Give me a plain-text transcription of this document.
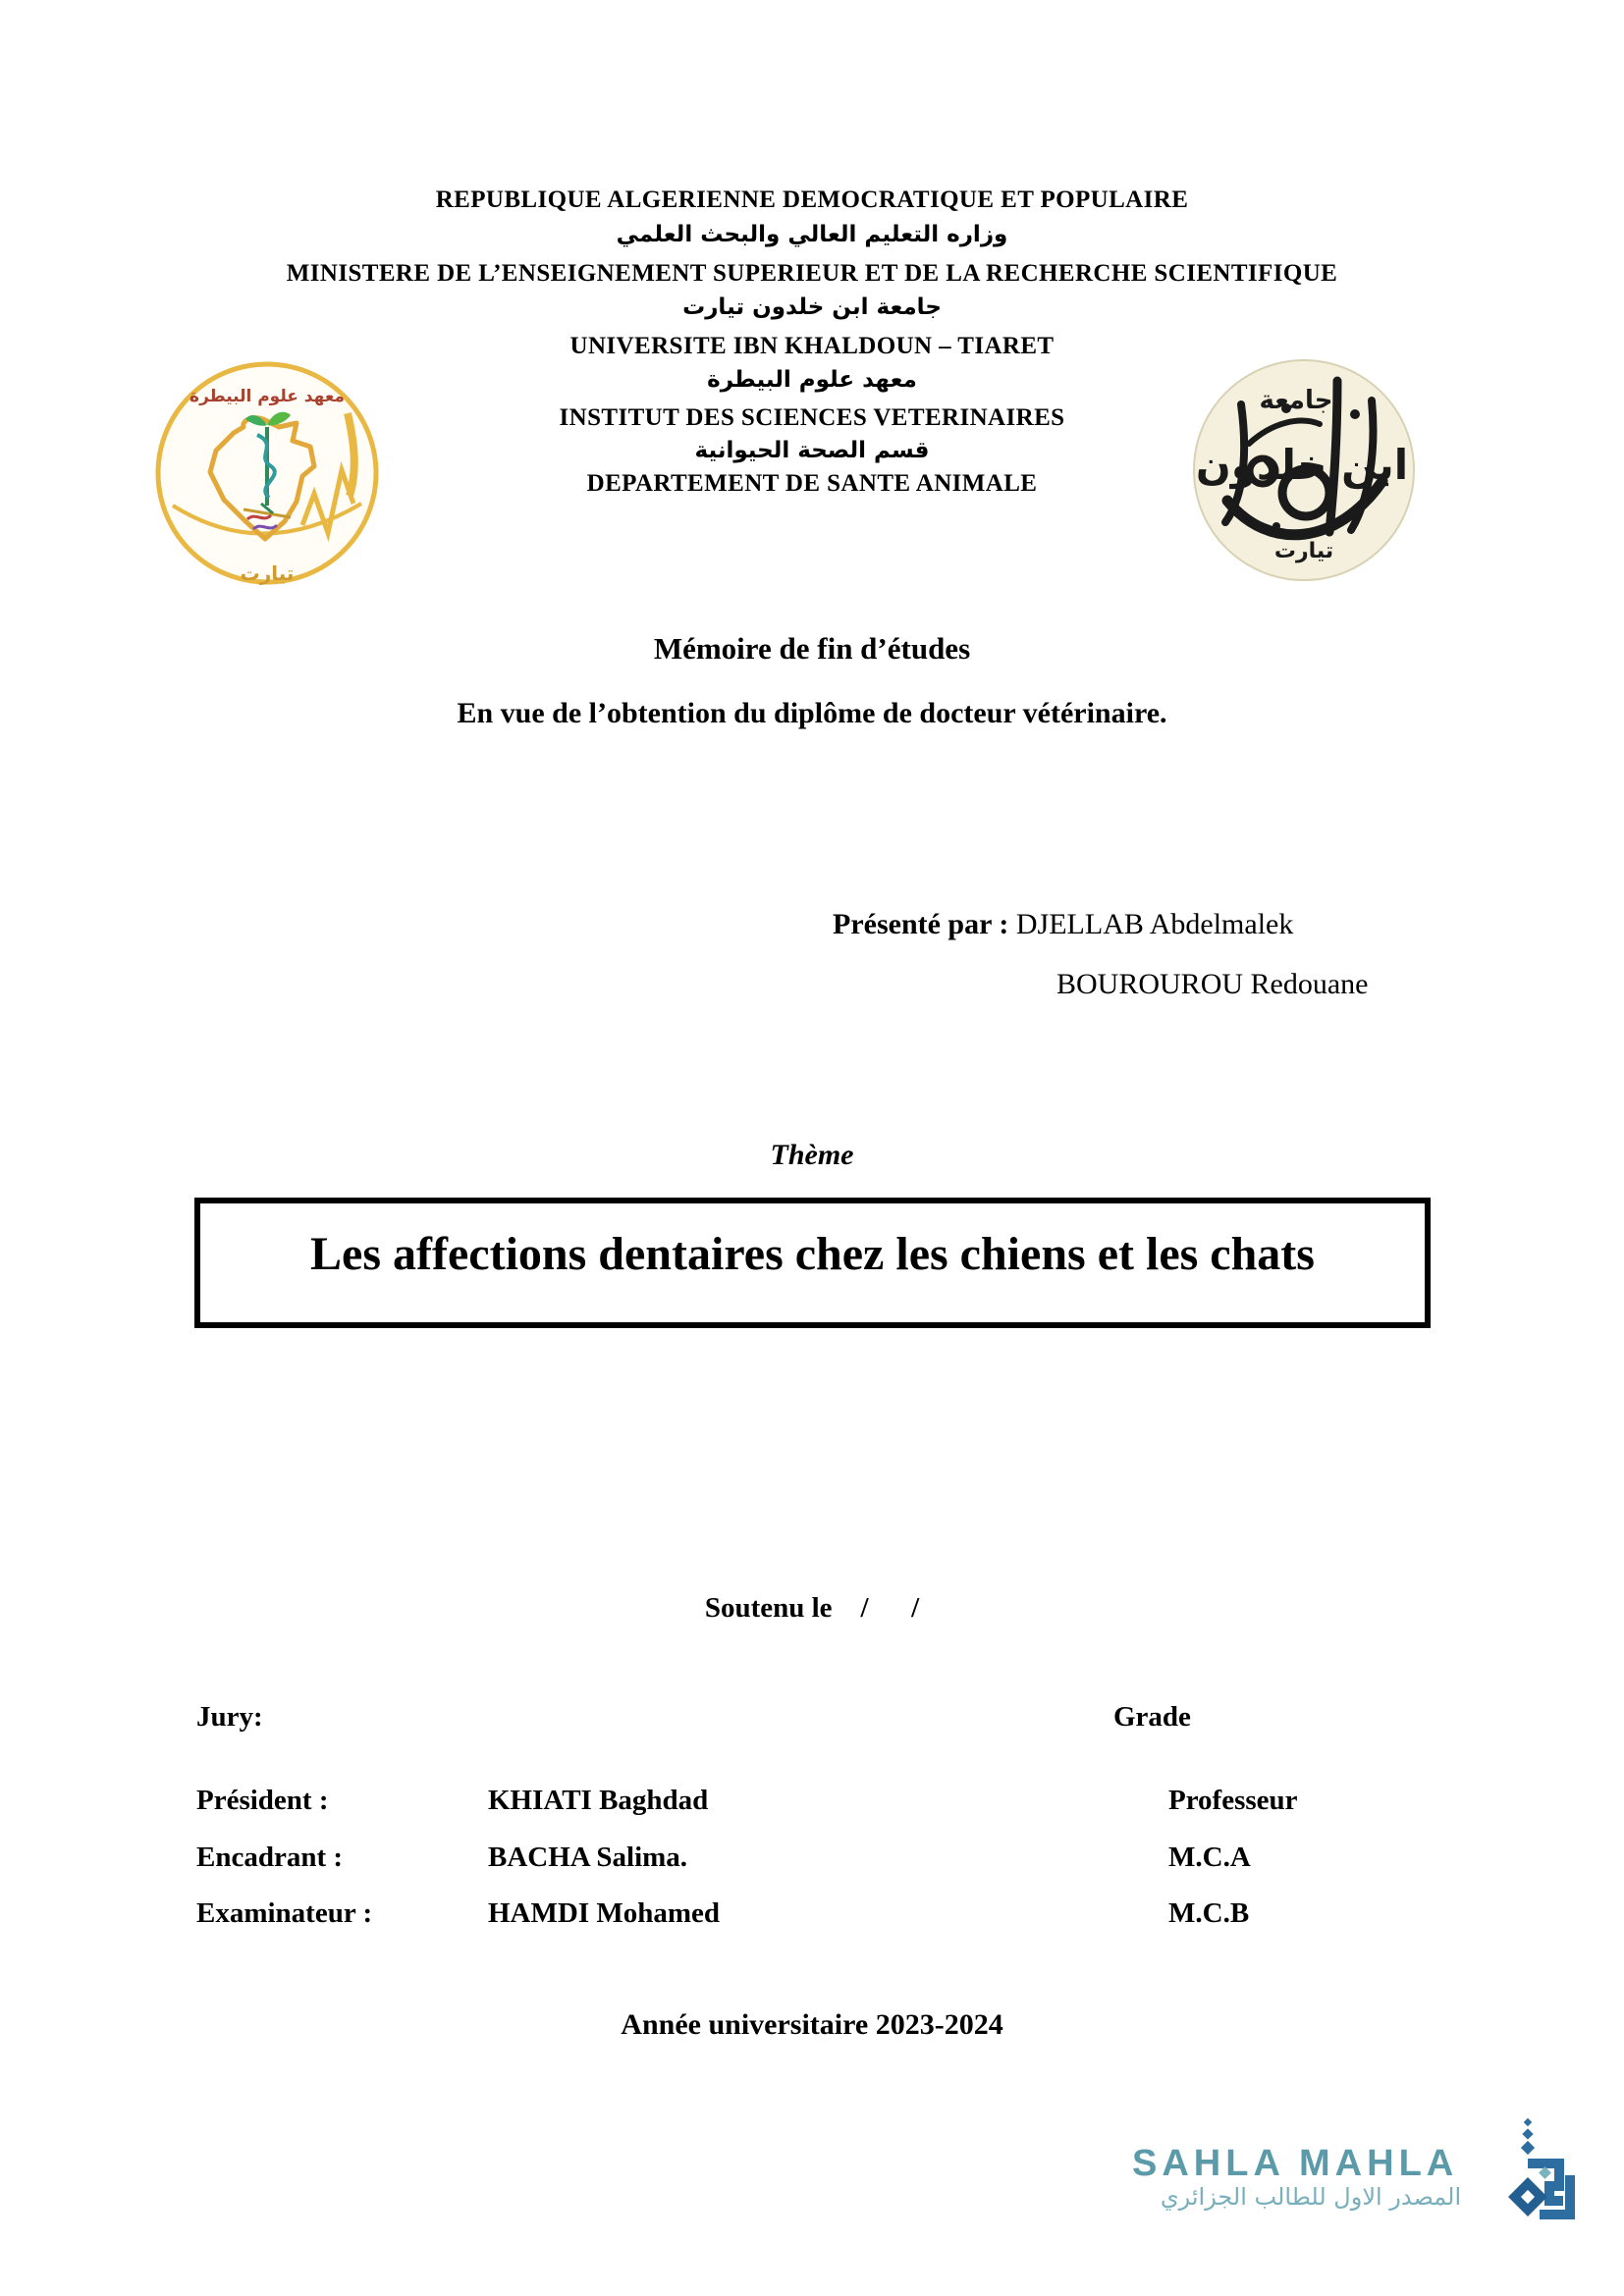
REPUBLIQUE ALGERIENNE DEMOCRATIQUE ET POPULAIRE
وزاره التعليم العالي والبحث العلمي
MINISTERE DE L’ENSEIGNEMENT SUPERIEUR ET DE LA RECHERCHE SCIENTIFIQUE
جامعة ابن خلدون تيارت
UNIVERSITE IBN KHALDOUN – TIARET
معهد علوم البيطرة
INSTITUT DES SCIENCES VETERINAIRES
قسم الصحة الحيوانية
DEPARTEMENT DE SANTE ANIMALE
معهد علوم البيطرة
تيارت
جامعة
ابن خلدون
تيارت
Mémoire de fin d’études
En vue de l’obtention du diplôme de docteur vétérinaire.
Présenté par : DJELLAB Abdelmalek
BOUROUROU Redouane
Thème
Les affections dentaires chez les chiens et les chats
Soutenu le    /      /
Jury:	Grade
Président :	KHIATI Baghdad	Professeur
Encadrant :	BACHA Salima.	M.C.A
Examinateur :	HAMDI Mohamed	M.C.B
Année universitaire 2023-2024
SAHLA MAHLA
المصدر الاول للطالب الجزائري
